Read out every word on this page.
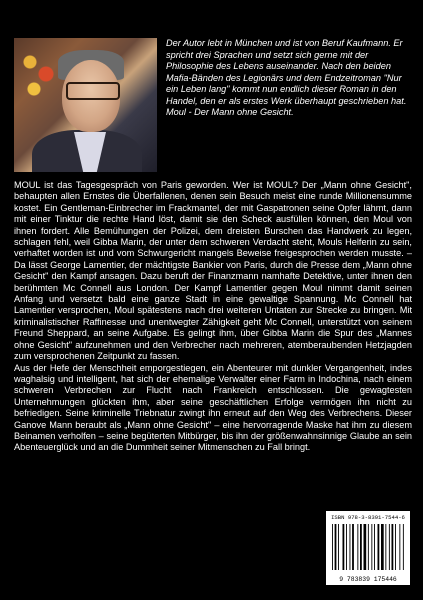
Der Autor lebt in München und ist von Beruf Kaufmann. Er spricht drei Sprachen und setzt sich gerne mit der Philosophie des Lebens auseinander. Nach den beiden Mafia-Bänden des Legionärs und dem Endzeitroman "Nur ein Leben lang" kommt nun endlich dieser Roman in den Handel, den er als erstes Werk überhaupt geschrieben hat. Moul - Der Mann ohne Gesicht.

MOUL ist das Tagesgespräch von Paris geworden. Wer ist MOUL? Der „Mann ohne Gesicht", behaupten allen Ernstes die Überfallenen, denen sein Besuch meist eine runde Millionensumme kostet. Ein Gentleman-Einbrecher im Frackmantel, der mit Gaspatronen seine Opfer lähmt, dann mit einer Tinktur die rechte Hand löst, damit sie den Scheck ausfüllen können, den Moul von ihnen fordert. Alle Bemühungen der Polizei, dem dreisten Burschen das Handwerk zu legen, schlagen fehl, weil Gibba Marin, der unter dem schweren Verdacht steht, Mouls Helferin zu sein, verhaftet worden ist und vom Schwurgericht mangels Beweise freigesprochen werden musste. – Da lässt George Lamentier, der mächtigste Bankier von Paris, durch die Presse dem „Mann ohne Gesicht" den Kampf ansagen. Dazu beruft der Finanzmann namhafte Detektive, unter ihnen den berühmten Mc Connell aus London. Der Kampf Lamentier gegen Moul nimmt damit seinen Anfang und versetzt bald eine ganze Stadt in eine gewaltige Spannung. Mc Connell hat Lamentier versprochen, Moul spätestens nach drei weiteren Untaten zur Strecke zu bringen. Mit kriminalistischer Raffinesse und unentwegter Zähigkeit geht Mc Connell, unterstützt von seinem Freund Sheppard, an seine Aufgabe. Es gelingt ihm, über Gibba Marin die Spur des „Mannes ohne Gesicht" aufzunehmen und den Verbrecher nach mehreren, atemberaubenden Hetzjagden zum versprochenen Zeitpunkt zu fassen.

Aus der Hefe der Menschheit emporgestiegen, ein Abenteurer mit dunkler Vergangenheit, indes waghalsig und intelligent, hat sich der ehemalige Verwalter einer Farm in Indochina, nach einem schweren Verbrechen zur Flucht nach Frankreich entschlossen. Die gewagtesten Unternehmungen glückten ihm, aber seine geschäftlichen Erfolge vermögen ihn nicht zu befriedigen. Seine kriminelle Triebnatur zwingt ihn erneut auf den Weg des Verbrechens. Dieser Ganove Mann beraubt als „Mann ohne Gesicht" – eine hervorragende Maske hat ihm zu diesem Beinamen verholfen – seine begüterten Mitbürger, bis ihn der größenwahnsinnige Glaube an sein Abenteuerglück und an die Dummheit seiner Mitmenschen zu Fall bringt.

ISBN 978-3-8391-7544-6
9 783839 175446
